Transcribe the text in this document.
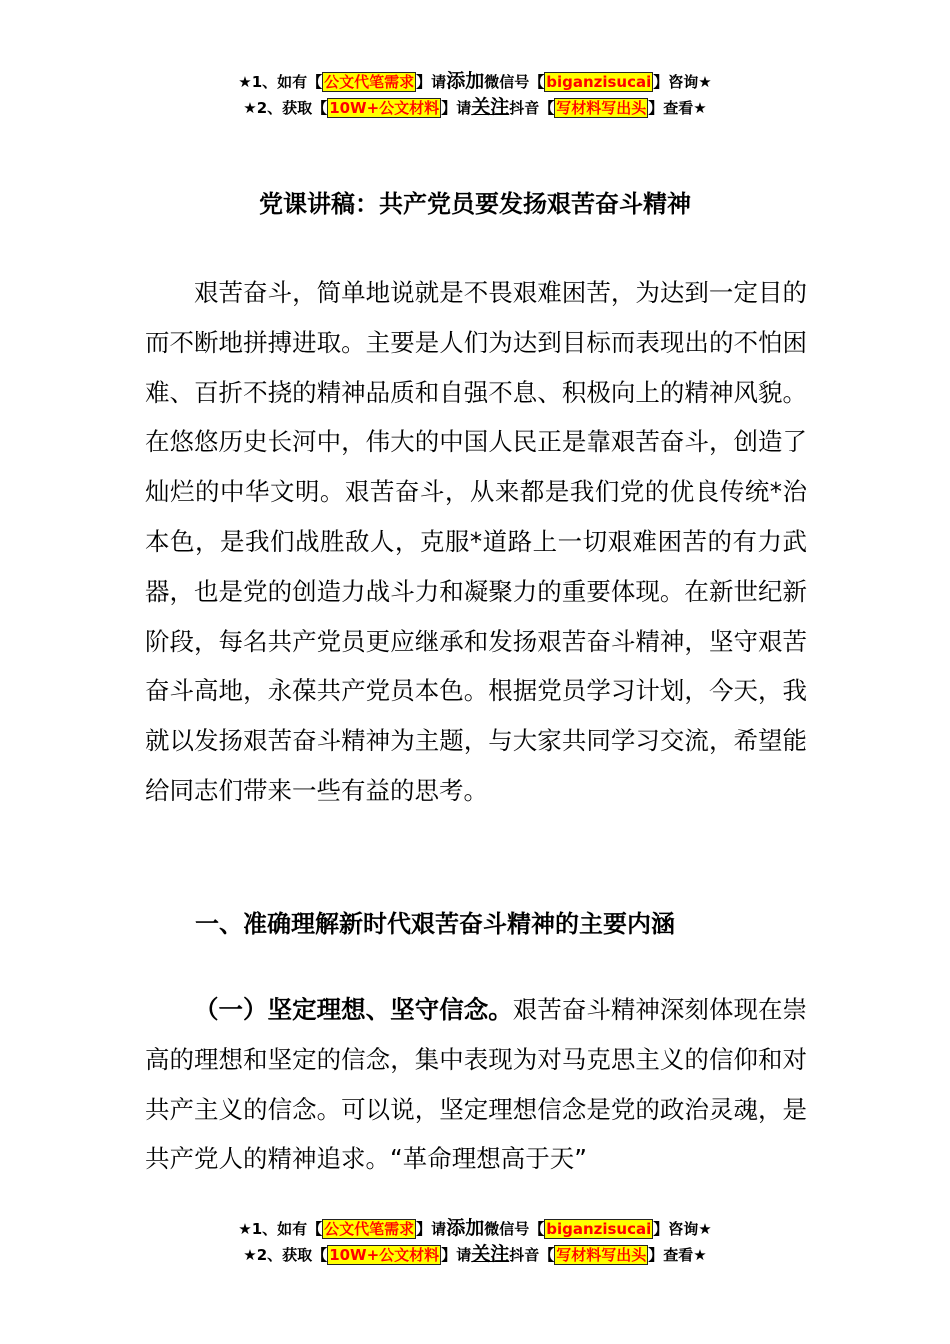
★1、如有【 公文代笔需求 】请添加微信号【 biganzisucai 】咨询★
★2、获取【 10W+公文材料 】请关注抖音【 写材料写出头 】查看★
党课讲稿：共产党员要发扬艰苦奋斗精神

艰苦奋斗，简单地说就是不畏艰难困苦，为达到一定目的而不断地拼搏进取。主要是人们为达到目标而表现出的不怕困难、百折不挠的精神品质和自强不息、积极向上的精神风貌。在悠悠历史长河中，伟大的中国人民正是靠艰苦奋斗，创造了灿烂的中华文明。艰苦奋斗，从来都是我们党的优良传统*治本色，是我们战胜敌人，克服*道路上一切艰难困苦的有力武器，也是党的创造力战斗力和凝聚力的重要体现。在新世纪新阶段，每名共产党员更应继承和发扬艰苦奋斗精神，坚守艰苦奋斗高地，永葆共产党员本色。根据党员学习计划，今天，我就以发扬艰苦奋斗精神为主题，与大家共同学习交流，希望能给同志们带来一些有益的思考。

一、准确理解新时代艰苦奋斗精神的主要内涵

（一）坚定理想、坚守信念。艰苦奋斗精神深刻体现在崇高的理想和坚定的信念，集中表现为对马克思主义的信仰和对共产主义的信念。可以说，坚定理想信念是党的政治灵魂，是共产党人的精神追求。“革命理想高于天”

★1、如有【 公文代笔需求 】请添加微信号【 biganzisucai 】咨询★
★2、获取【 10W+公文材料 】请关注抖音【 写材料写出头 】查看★
